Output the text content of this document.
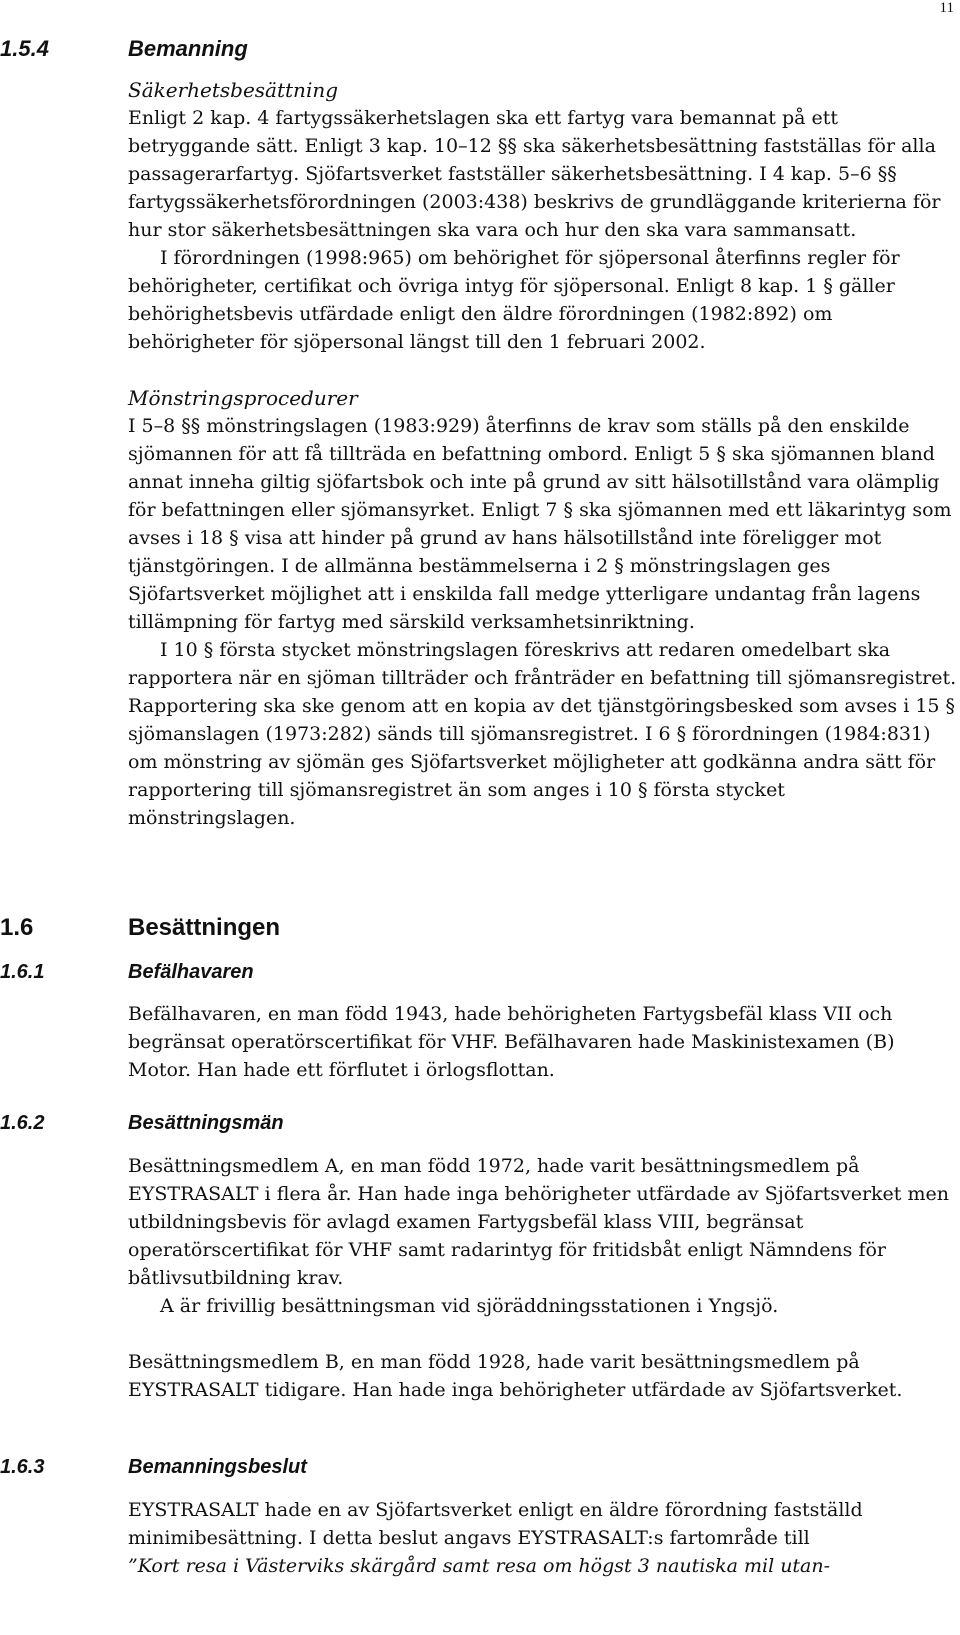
11
1.5.4	Bemanning

Säkerhetsbesättning

Enligt 2 kap. 4 fartygssäkerhetslagen ska ett fartyg vara bemannat på ett betryggande sätt. Enligt 3 kap. 10–12 §§ ska säkerhetsbesättning fastställas för alla passagerarfartyg. Sjöfartsverket fastställer säkerhetsbesättning. I 4 kap. 5–6 §§ fartygssäkerhetsförordningen (2003:438) beskrivs de grundläggande kriterierna för hur stor säkerhetsbesättningen ska vara och hur den ska vara sammansatt.

I förordningen (1998:965) om behörighet för sjöpersonal återfinns regler för behörigheter, certifikat och övriga intyg för sjöpersonal. Enligt 8 kap. 1 § gäller behörighetsbevis utfärdade enligt den äldre förordningen (1982:892) om behörigheter för sjöpersonal längst till den 1 februari 2002.

Mönstringsprocedurer

I 5–8 §§ mönstringslagen (1983:929) återfinns de krav som ställs på den enskilde sjömannen för att få tillträda en befattning ombord. Enligt 5 § ska sjömannen bland annat inneha giltig sjöfartsbok och inte på grund av sitt hälsotillstånd vara olämplig för befattningen eller sjömansyrket. Enligt 7 § ska sjömannen med ett läkarintyg som avses i 18 § visa att hinder på grund av hans hälsotillstånd inte föreligger mot tjänstgöringen. I de allmänna bestämmelserna i 2 § mönstringslagen ges Sjöfartsverket möjlighet att i enskilda fall medge ytterligare undantag från lagens tillämpning för fartyg med särskild verksamhetsinriktning.

I 10 § första stycket mönstringslagen föreskrivs att redaren omedelbart ska rapportera när en sjöman tillträder och frånträder en befattning till sjömansregistret. Rapportering ska ske genom att en kopia av det tjänstgöringsbesked som avses i 15 § sjömanslagen (1973:282) sänds till sjömansregistret. I 6 § förordningen (1984:831) om mönstring av sjömän ges Sjöfartsverket möjligheter att godkänna andra sätt för rapportering till sjömansregistret än som anges i 10 § första stycket mönstringslagen.

1.6	Besättningen
1.6.1	Befälhavaren

Befälhavaren, en man född 1943, hade behörigheten Fartygsbefäl klass VII och begränsat operatörscertifikat för VHF. Befälhavaren hade Maskinistexamen (B) Motor. Han hade ett förflutet i örlogsflottan.

1.6.2	Besättningsmän

Besättningsmedlem A, en man född 1972, hade varit besättningsmedlem på EYSTRASALT i flera år. Han hade inga behörigheter utfärdade av Sjöfartsverket men utbildningsbevis för avlagd examen Fartygsbefäl klass VIII, begränsat operatörscertifikat för VHF samt radarintyg för fritidsbåt enligt Nämndens för båtlivsutbildning krav.

A är frivillig besättningsman vid sjöräddningsstationen i Yngsjö.

Besättningsmedlem B, en man född 1928, hade varit besättningsmedlem på EYSTRASALT tidigare. Han hade inga behörigheter utfärdade av Sjöfartsverket.

1.6.3	Bemanningsbeslut

EYSTRASALT hade en av Sjöfartsverket enligt en äldre förordning fastställd minimibesättning. I detta beslut angavs EYSTRASALT:s fartområde till

”Kort resa i Västerviks skärgård samt resa om högst 3 nautiska mil utan-
